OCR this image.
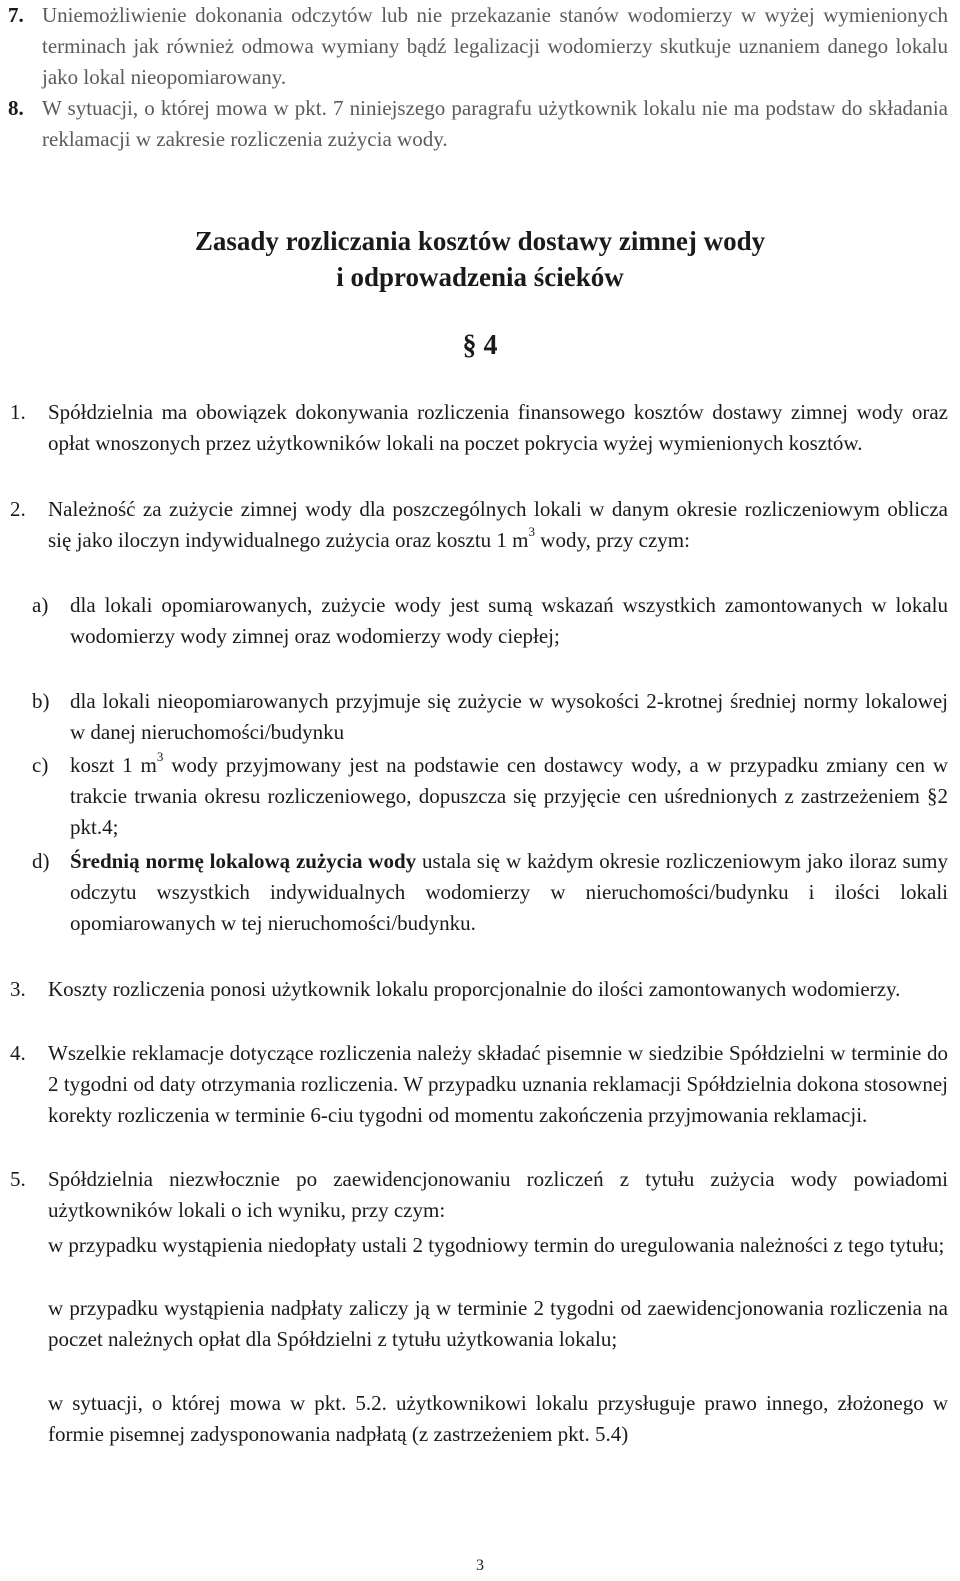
7. Uniemożliwienie dokonania odczytów lub nie przekazanie stanów wodomierzy w wyżej wymienionych terminach jak również odmowa wymiany bądź legalizacji wodomierzy skutkuje uznaniem danego lokalu jako lokal nieopomiarowany.
8. W sytuacji, o której mowa w pkt. 7 niniejszego paragrafu użytkownik lokalu nie ma podstaw do składania reklamacji w zakresie rozliczenia zużycia wody.
Zasady rozliczania kosztów dostawy zimnej wody
i odprowadzenia ścieków
§ 4
1. Spółdzielnia ma obowiązek dokonywania rozliczenia finansowego kosztów dostawy zimnej wody oraz opłat wnoszonych przez użytkowników lokali na poczet pokrycia wyżej wymienionych kosztów.
2. Należność za zużycie zimnej wody dla poszczególnych lokali w danym okresie rozliczeniowym oblicza się jako iloczyn indywidualnego zużycia oraz kosztu 1 $m^3$ wody, przy czym:
a) dla lokali opomiarowanych, zużycie wody jest sumą wskazań wszystkich zamontowanych w lokalu wodomierzy wody zimnej oraz wodomierzy wody ciepłej;
b) dla lokali nieopomiarowanych przyjmuje się zużycie w wysokości 2-krotnej średniej normy lokalowej w danej nieruchomości/budynku
c) koszt 1 $m^3$ wody przyjmowany jest na podstawie cen dostawcy wody, a w przypadku zmiany cen w trakcie trwania okresu rozliczeniowego, dopuszcza się przyjęcie cen uśrednionych z zastrzeżeniem §2 pkt.4;
d) Średnią normę lokalową zużycia wody ustala się w każdym okresie rozliczeniowym jako iloraz sumy odczytu wszystkich indywidualnych wodomierzy w nieruchomości/budynku i ilości lokali opomiarowanych w tej nieruchomości/budynku.
3. Koszty rozliczenia ponosi użytkownik lokalu proporcjonalnie do ilości zamontowanych wodomierzy.
4. Wszelkie reklamacje dotyczące rozliczenia należy składać pisemnie w siedzibie Spółdzielni w terminie do 2 tygodni od daty otrzymania rozliczenia. W przypadku uznania reklamacji Spółdzielnia dokona stosownej korekty rozliczenia w terminie 6-ciu tygodni od momentu zakończenia przyjmowania reklamacji.
5. Spółdzielnia niezwłocznie po zaewidencjonowaniu rozliczeń z tytułu zużycia wody powiadomi użytkowników lokali o ich wyniku, przy czym:
w przypadku wystąpienia niedopłaty ustali 2 tygodniowy termin do uregulowania należności z tego tytułu;
w przypadku wystąpienia nadpłaty zaliczy ją w terminie 2 tygodni od zaewidencjonowania rozliczenia na poczet należnych opłat dla Spółdzielni z tytułu użytkowania lokalu;
w sytuacji, o której mowa w pkt. 5.2. użytkownikowi lokalu przysługuje prawo innego, złożonego w formie pisemnej zadysponowania nadpłatą (z zastrzeżeniem pkt. 5.4)
3
